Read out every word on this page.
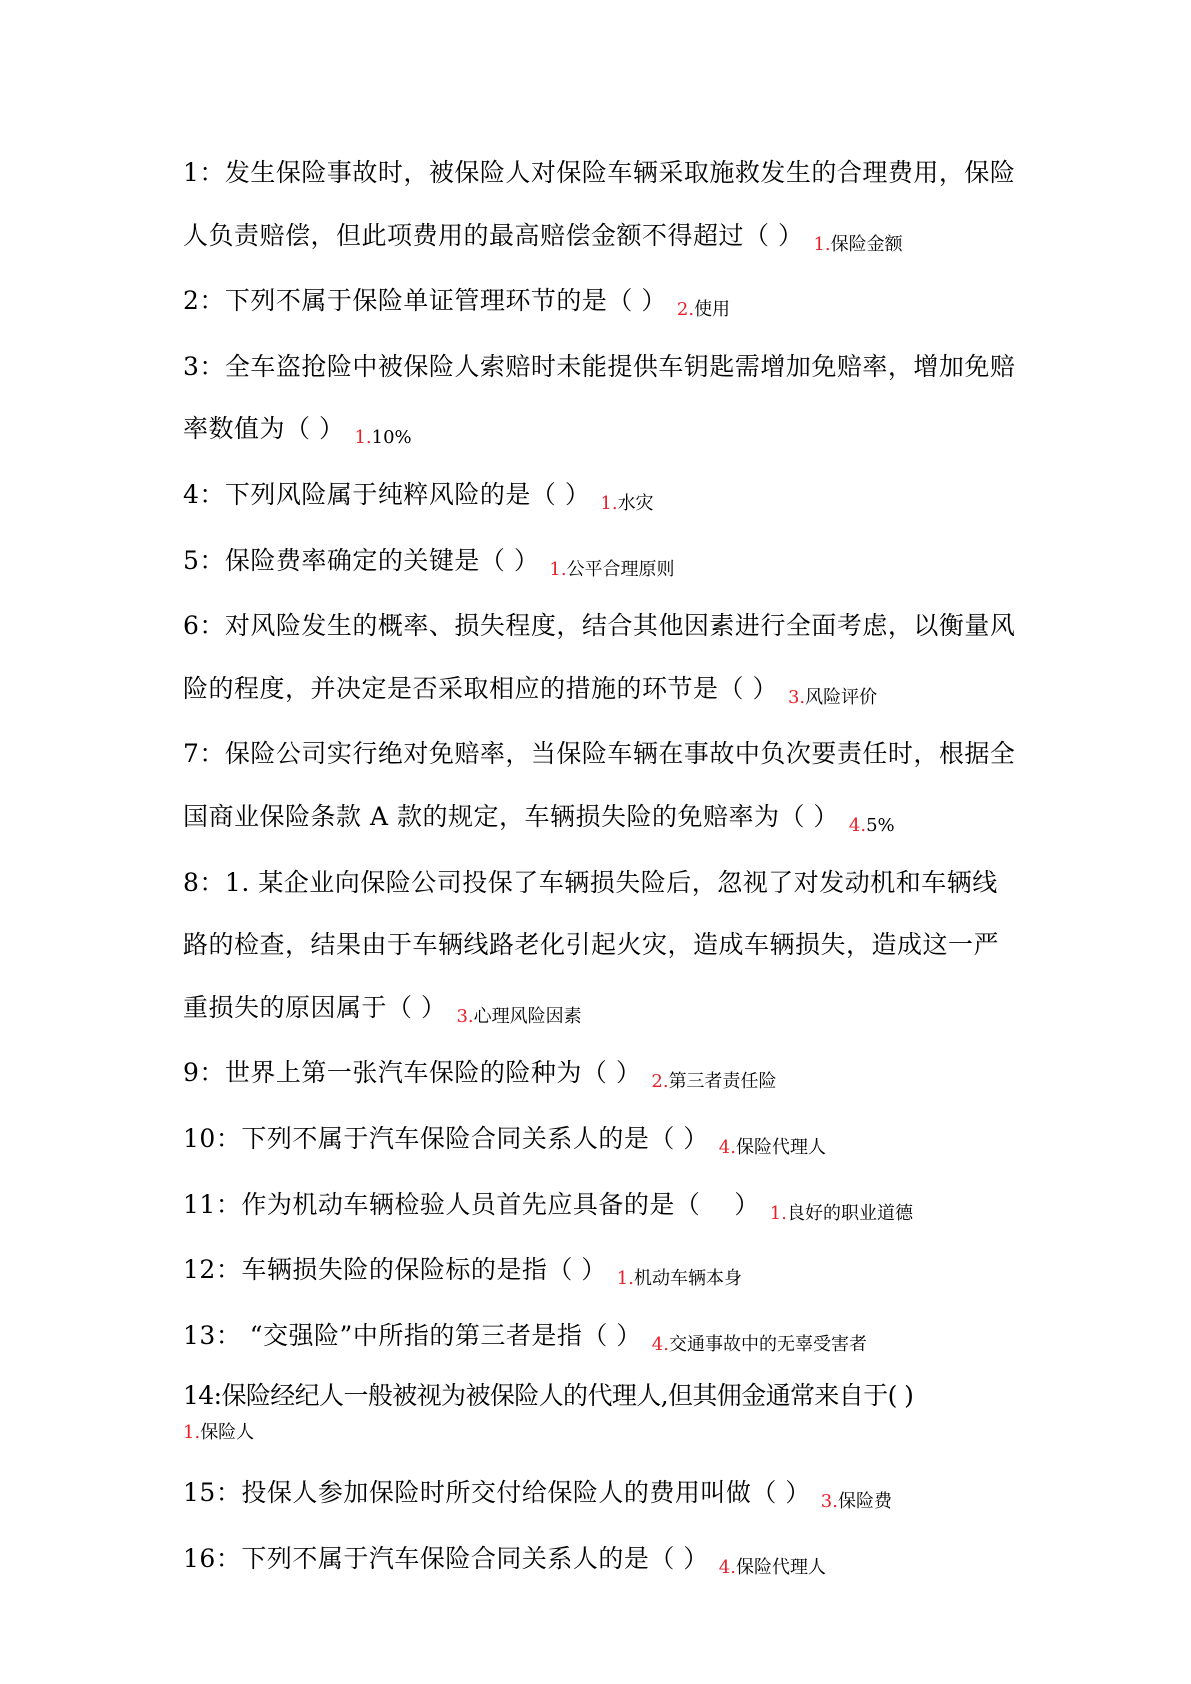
1：发生保险事故时，被保险人对保险车辆采取施救发生的合理费用，保险人负责赔偿，但此项费用的最高赔偿金额不得超过（ ） $_{1.保险金额}$
2：下列不属于保险单证管理环节的是（ ） $_{2.使用}$
3：全车盗抢险中被保险人索赔时未能提供车钥匙需增加免赔率，增加免赔率数值为（ ） $_{1.10\%}$
4：下列风险属于纯粹风险的是（ ） $_{1.水灾}$
5：保险费率确定的关键是（ ） $_{1.公平合理原则}$
6：对风险发生的概率、损失程度，结合其他因素进行全面考虑，以衡量风险的程度，并决定是否采取相应的措施的环节是（ ） $_{3.风险评价}$
7：保险公司实行绝对免赔率，当保险车辆在事故中负次要责任时，根据全国商业保险条款 A 款的规定，车辆损失险的免赔率为（ ） $_{4.5\%}$
8：1. 某企业向保险公司投保了车辆损失险后，忽视了对发动机和车辆线路的检查，结果由于车辆线路老化引起火灾，造成车辆损失，造成这一严重损失的原因属于（ ） $_{3.心理风险因素}$
9：世界上第一张汽车保险的险种为（ ） $_{2.第三者责任险}$
10：下列不属于汽车保险合同关系人的是（ ） $_{4.保险代理人}$
11：作为机动车辆检验人员首先应具备的是（　 ） $_{1.良好的职业道德}$
12：车辆损失险的保险标的是指（ ） $_{1.机动车辆本身}$
13： “交强险”中所指的第三者是指（ ） $_{4.交通事故中的无辜受害者}$
14:保险经纪人一般被视为被保险人的代理人,但其佣金通常来自于( )
1.保险人
15：投保人参加保险时所交付给保险人的费用叫做（ ） $_{3.保险费}$
16：下列不属于汽车保险合同关系人的是（ ） $_{4.保险代理人}$
